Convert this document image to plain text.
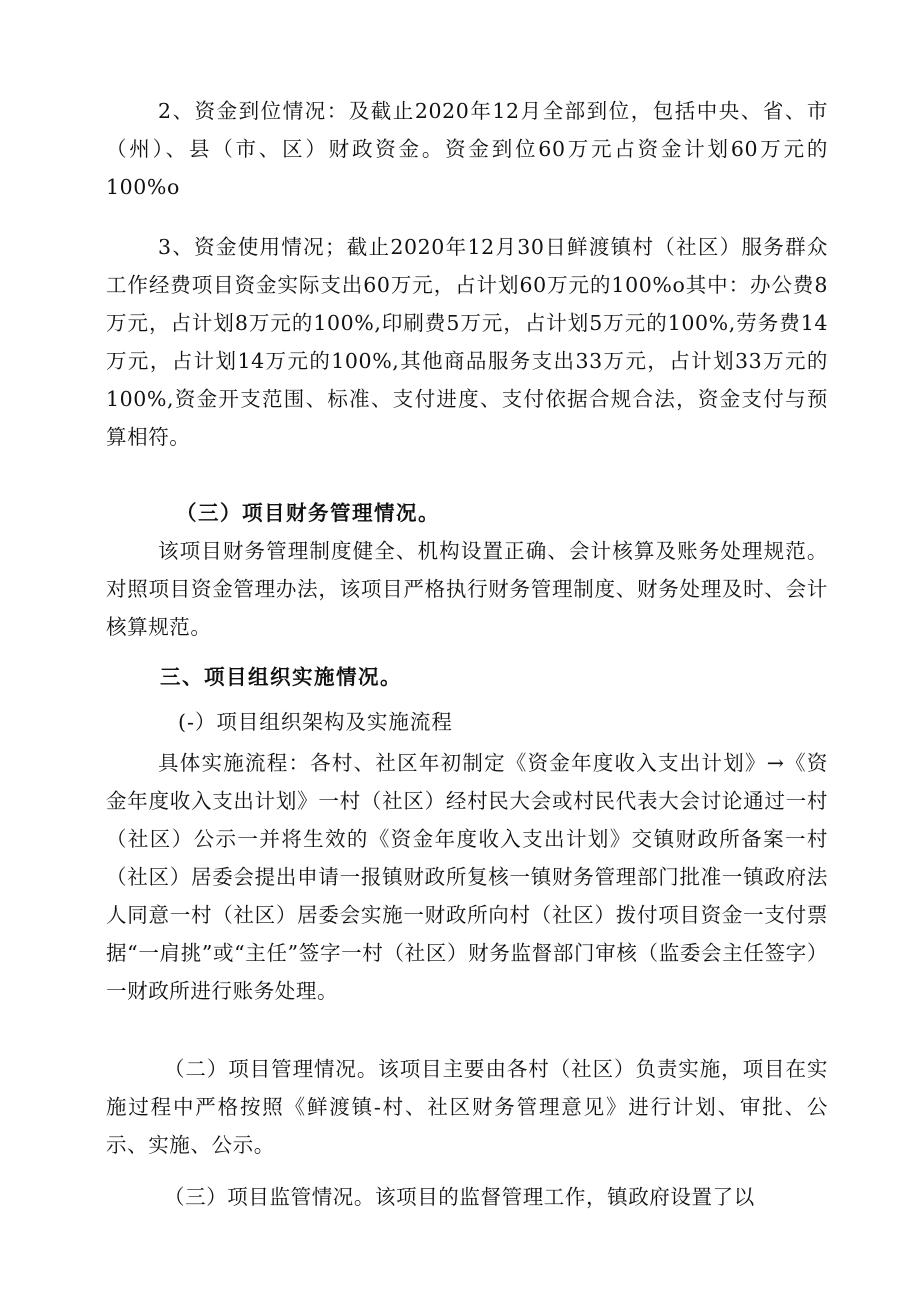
2、资金到位情况：及截止2020年12月全部到位，包括中央、省、市（州）、县（市、区）财政资金。资金到位60万元占资金计划60万元的100%o

3、资金使用情况；截止2020年12月30日鲜渡镇村（社区）服务群众工作经费项目资金实际支出60万元，占计划60万元的100%o其中：办公费8万元，占计划8万元的100%,印刷费5万元，占计划5万元的100%,劳务费14万元，占计划14万元的100%,其他商品服务支出33万元，占计划33万元的100%,资金开支范围、标准、支付进度、支付依据合规合法，资金支付与预算相符。

（三）项目财务管理情况。

该项目财务管理制度健全、机构设置正确、会计核算及账务处理规范。对照项目资金管理办法，该项目严格执行财务管理制度、财务处理及时、会计核算规范。

三、项目组织实施情况。

(-）项目组织架构及实施流程

具体实施流程：各村、社区年初制定《资金年度收入支出计划》→《资金年度收入支出计划》一村（社区）经村民大会或村民代表大会讨论通过一村（社区）公示一并将生效的《资金年度收入支出计划》交镇财政所备案一村（社区）居委会提出申请一报镇财政所复核一镇财务管理部门批准一镇政府法人同意一村（社区）居委会实施一财政所向村（社区）拨付项目资金一支付票据“一肩挑”或“主任”签字一村（社区）财务监督部门审核（监委会主任签字）一财政所进行账务处理。

（二）项目管理情况。该项目主要由各村（社区）负责实施，项目在实施过程中严格按照《鲜渡镇-村、社区财务管理意见》进行计划、审批、公示、实施、公示。

（三）项目监管情况。该项目的监督管理工作，镇政府设置了以
